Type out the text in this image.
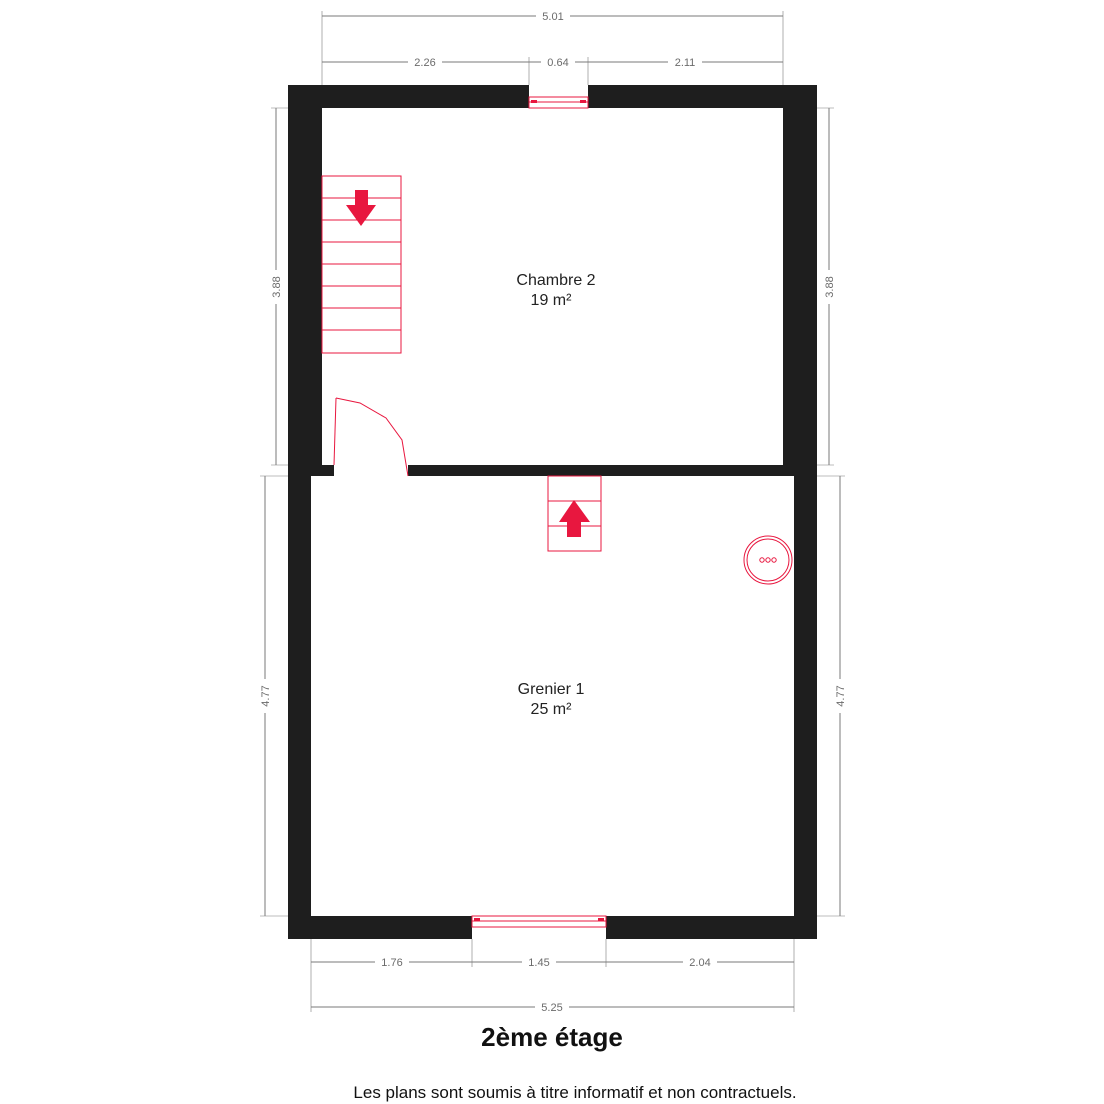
5.01
2.26	0.64	2.11
3.88	3.88
4.77	4.77
1.76	1.45	2.04
5.25
Chambre 2
19 m²
Grenier 1
25 m²
2ème étage
Les plans sont soumis à titre informatif et non contractuels.
